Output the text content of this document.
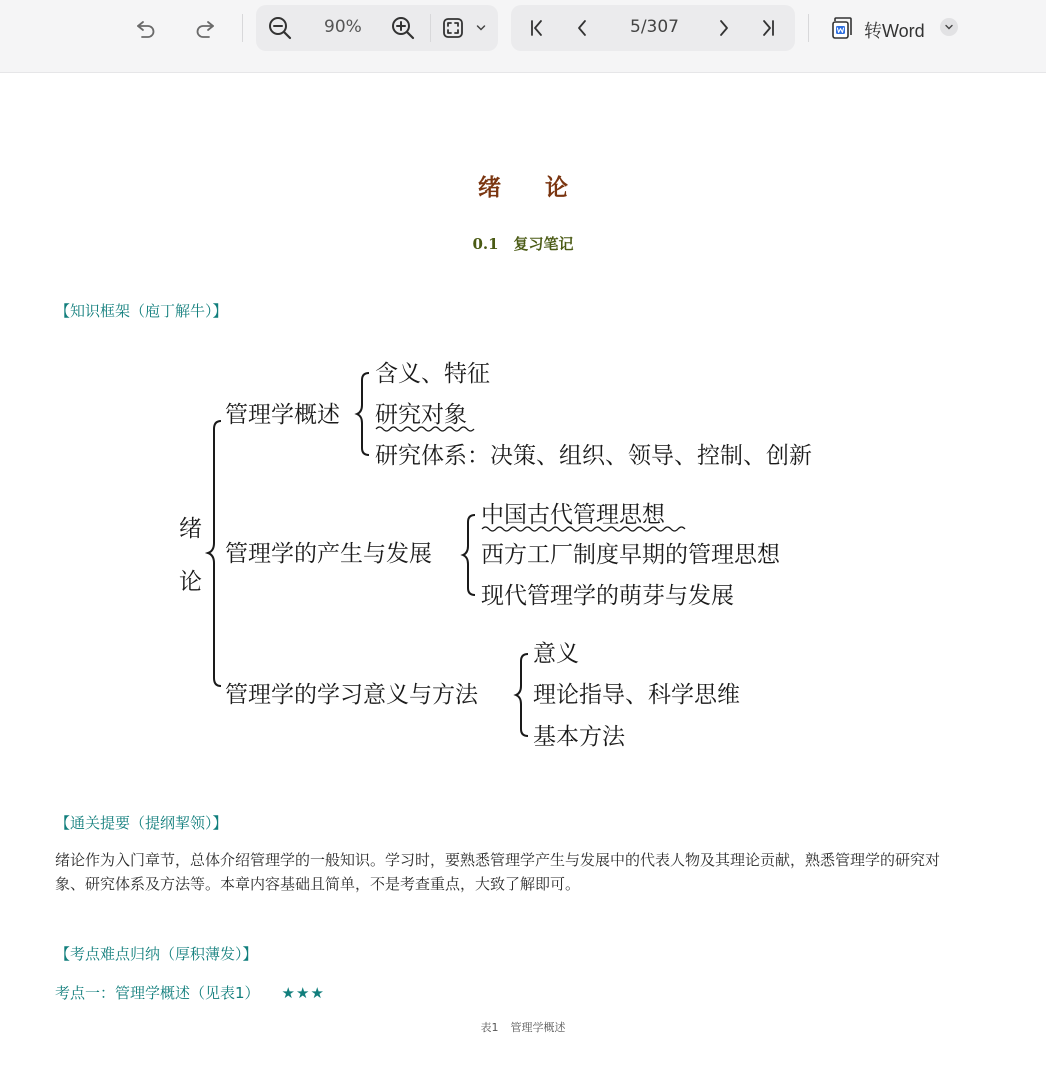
90%	5/307	转Word
绪 论
0.1　复习笔记
【知识框架（庖丁解牛）】
绪
论
管理学概述
含义、特征
研究对象
研究体系：决策、组织、领导、控制、创新
管理学的产生与发展
中国古代管理思想
西方工厂制度早期的管理思想
现代管理学的萌芽与发展
管理学的学习意义与方法
意义
理论指导、科学思维
基本方法
【通关提要（提纲挈领）】
绪论作为入门章节，总体介绍管理学的一般知识。学习时，要熟悉管理学产生与发展中的代表人物及其理论贡献，熟悉管理学的研究对
象、研究体系及方法等。本章内容基础且简单，不是考查重点，大致了解即可。
【考点难点归纳（厚积薄发）】
考点一：管理学概述（见表1） ★★★
表1 管理学概述
